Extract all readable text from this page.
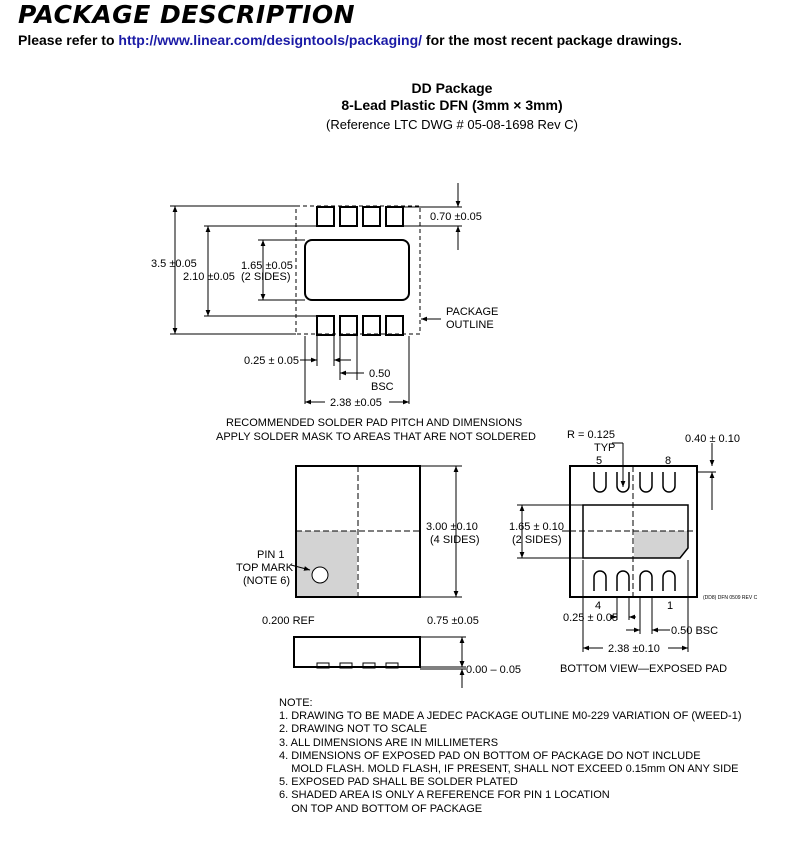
PACKAGE DESCRIPTION
Please refer to http://www.linear.com/designtools/packaging/ for the most recent package drawings.
DD Package
8-Lead Plastic DFN (3mm × 3mm)
(Reference LTC DWG # 05-08-1698 Rev C)
0.70 ±0.05
3.5 ±0.05	1.65 ±0.05
2.10 ±0.05 (2 SIDES)
PACKAGE
OUTLINE
0.25 ± 0.05
0.50
BSC
2.38 ±0.05
RECOMMENDED SOLDER PAD PITCH AND DIMENSIONS
APPLY SOLDER MASK TO AREAS THAT ARE NOT SOLDERED
PIN 1
TOP MARK
(NOTE 6)
3.00 ±0.10
(4 SIDES)
0.200 REF	0.75 ±0.05
0.00 – 0.05
R = 0.125
TYP
5	8
0.40 ± 0.10
1.65 ± 0.10
(2 SIDES)
4	1
(DD8) DFN 0509 REV C
0.25 ± 0.05
0.50 BSC
2.38 ±0.10
BOTTOM VIEW—EXPOSED PAD
NOTE:
1. DRAWING TO BE MADE A JEDEC PACKAGE OUTLINE M0-229 VARIATION OF (WEED-1)
2. DRAWING NOT TO SCALE
3. ALL DIMENSIONS ARE IN MILLIMETERS
4. DIMENSIONS OF EXPOSED PAD ON BOTTOM OF PACKAGE DO NOT INCLUDE
MOLD FLASH. MOLD FLASH, IF PRESENT, SHALL NOT EXCEED 0.15mm ON ANY SIDE
5. EXPOSED PAD SHALL BE SOLDER PLATED
6. SHADED AREA IS ONLY A REFERENCE FOR PIN 1 LOCATION
ON TOP AND BOTTOM OF PACKAGE
